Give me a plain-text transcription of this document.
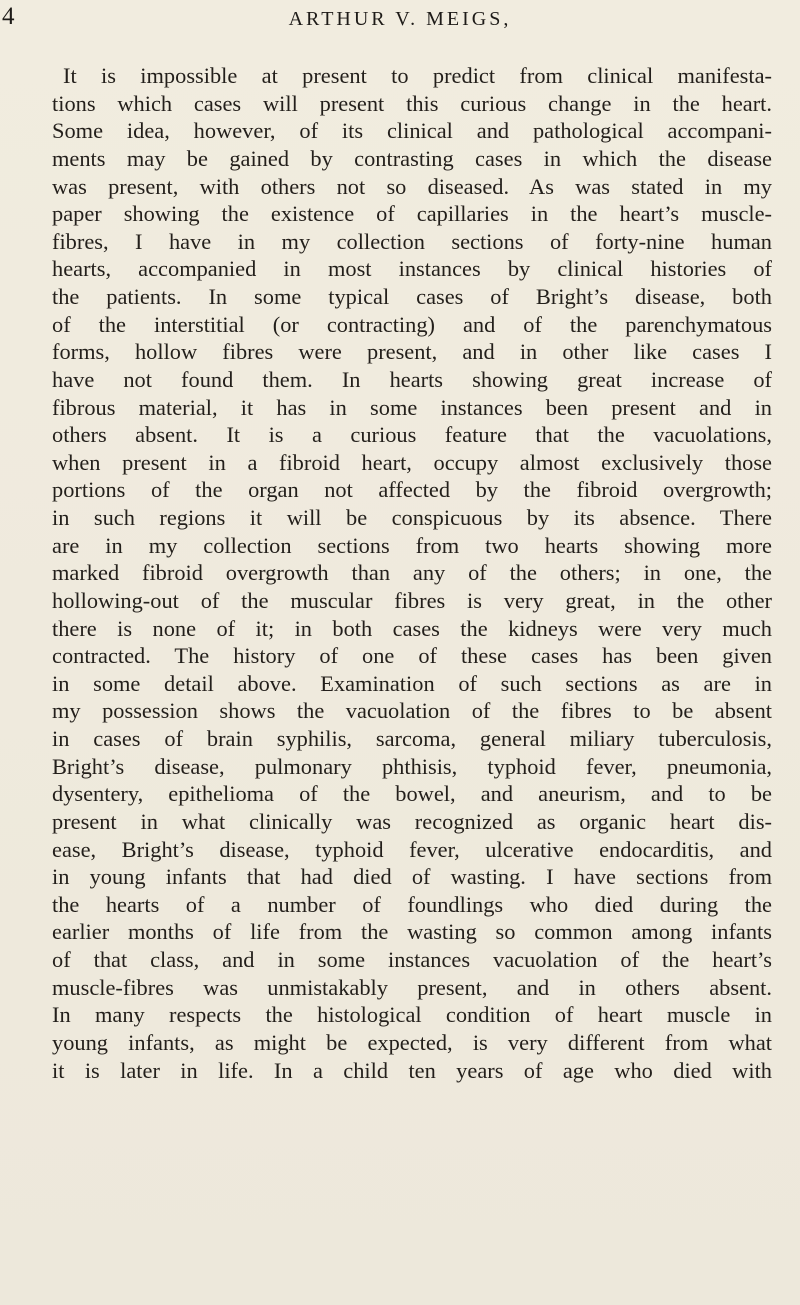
4	ARTHUR V. MEIGS,
It is impossible at present to predict from clinical manifesta-
tions which cases will present this curious change in the heart.
Some idea, however, of its clinical and pathological accompani-
ments may be gained by contrasting cases in which the disease
was present, with others not so diseased. As was stated in my
paper showing the existence of capillaries in the heart’s muscle-
fibres, I have in my collection sections of forty-nine human
hearts, accompanied in most instances by clinical histories of
the patients. In some typical cases of Bright’s disease, both
of the interstitial (or contracting) and of the parenchymatous
forms, hollow fibres were present, and in other like cases I
have not found them. In hearts showing great increase of
fibrous material, it has in some instances been present and in
others absent. It is a curious feature that the vacuolations,
when present in a fibroid heart, occupy almost exclusively those
portions of the organ not affected by the fibroid overgrowth;
in such regions it will be conspicuous by its absence. There
are in my collection sections from two hearts showing more
marked fibroid overgrowth than any of the others; in one, the
hollowing-out of the muscular fibres is very great, in the other
there is none of it; in both cases the kidneys were very much
contracted. The history of one of these cases has been given
in some detail above. Examination of such sections as are in
my possession shows the vacuolation of the fibres to be absent
in cases of brain syphilis, sarcoma, general miliary tuberculosis,
Bright’s disease, pulmonary phthisis, typhoid fever, pneumonia,
dysentery, epithelioma of the bowel, and aneurism, and to be
present in what clinically was recognized as organic heart dis-
ease, Bright’s disease, typhoid fever, ulcerative endocarditis, and
in young infants that had died of wasting. I have sections from
the hearts of a number of foundlings who died during the
earlier months of life from the wasting so common among infants
of that class, and in some instances vacuolation of the heart’s
muscle-fibres was unmistakably present, and in others absent.
In many respects the histological condition of heart muscle in
young infants, as might be expected, is very different from what
it is later in life. In a child ten years of age who died with
